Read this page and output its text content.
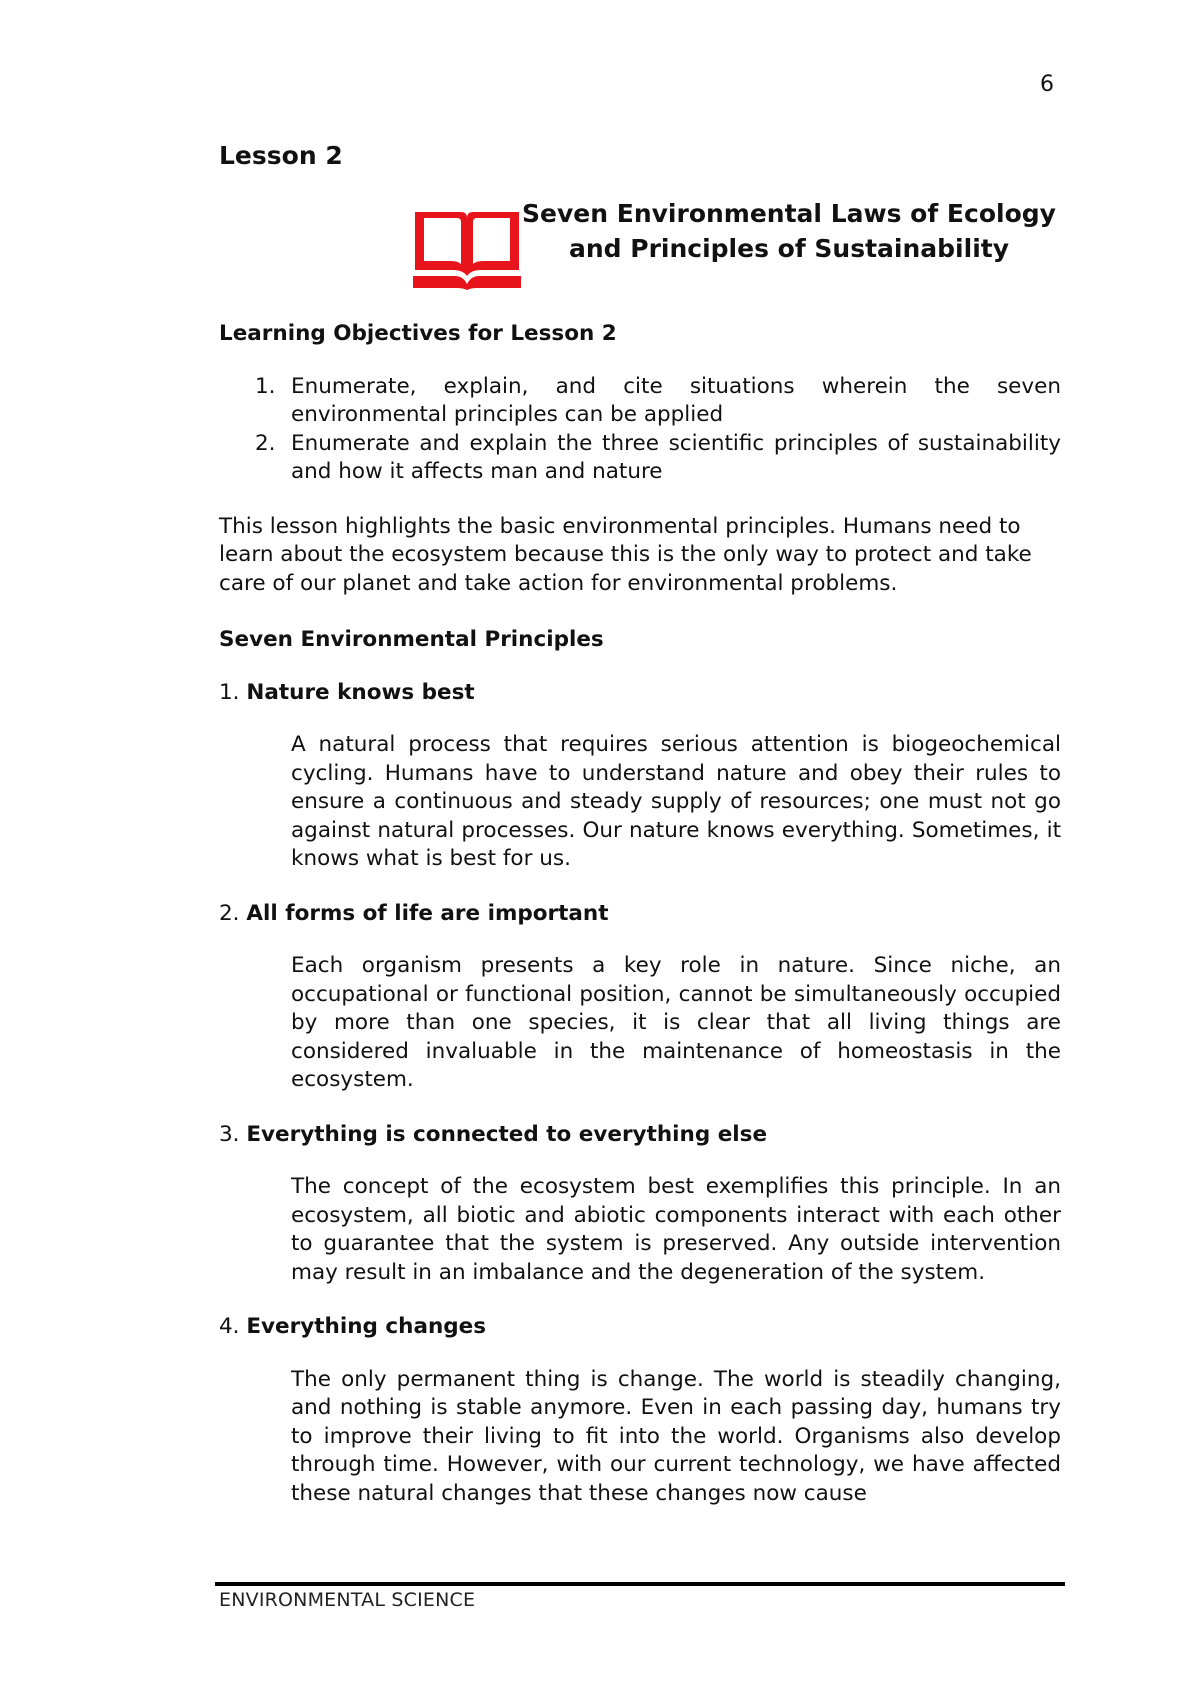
6
Lesson 2
Seven Environmental Laws of Ecology
and Principles of Sustainability
Learning Objectives for Lesson 2
1. Enumerate, explain, and cite situations wherein the seven environmental principles can be applied
2. Enumerate and explain the three scientific principles of sustainability and how it affects man and nature

This lesson highlights the basic environmental principles. Humans need to learn about the ecosystem because this is the only way to protect and take care of our planet and take action for environmental problems.

Seven Environmental Principles
1. Nature knows best

A natural process that requires serious attention is biogeochemical cycling. Humans have to understand nature and obey their rules to ensure a continuous and steady supply of resources; one must not go against natural processes. Our nature knows everything. Sometimes, it knows what is best for us.

2. All forms of life are important

Each organism presents a key role in nature. Since niche, an occupational or functional position, cannot be simultaneously occupied by more than one species, it is clear that all living things are considered invaluable in the maintenance of homeostasis in the ecosystem.

3. Everything is connected to everything else

The concept of the ecosystem best exemplifies this principle. In an ecosystem, all biotic and abiotic components interact with each other to guarantee that the system is preserved. Any outside intervention may result in an imbalance and the degeneration of the system.

4. Everything changes

The only permanent thing is change. The world is steadily changing, and nothing is stable anymore. Even in each passing day, humans try to improve their living to fit into the world. Organisms also develop through time. However, with our current technology, we have affected these natural changes that these changes now cause

ENVIRONMENTAL SCIENCE
